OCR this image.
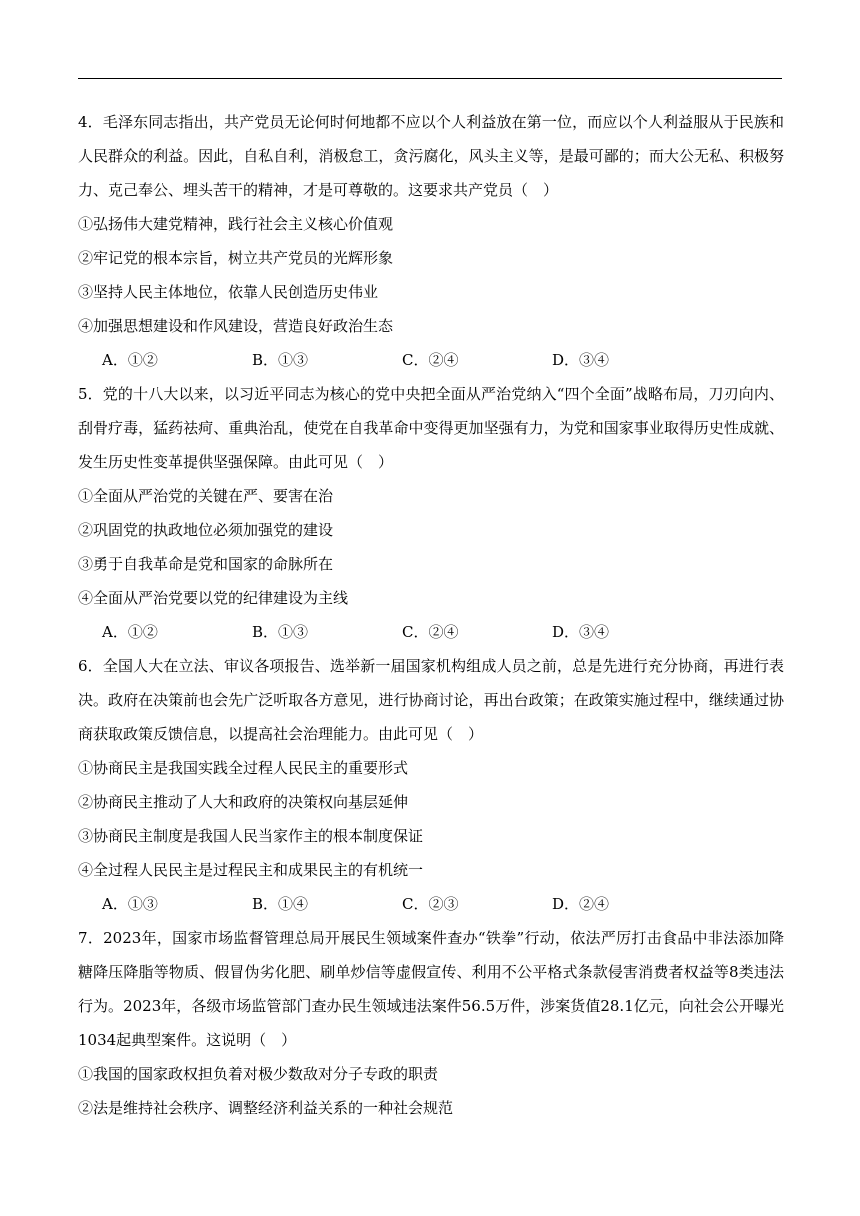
4．毛泽东同志指出，共产党员无论何时何地都不应以个人利益放在第一位，而应以个人利益服从于民族和人民群众的利益。因此，自私自利，消极怠工，贪污腐化，风头主义等，是最可鄙的；而大公无私、积极努力、克己奉公、埋头苦干的精神，才是可尊敬的。这要求共产党员（　）
①弘扬伟大建党精神，践行社会主义核心价值观
②牢记党的根本宗旨，树立共产党员的光辉形象
③坚持人民主体地位，依靠人民创造历史伟业
④加强思想建设和作风建设，营造良好政治生态
A．①②	B．①③	C．②④	D．③④
5．党的十八大以来，以习近平同志为核心的党中央把全面从严治党纳入“四个全面”战略布局，刀刃向内、刮骨疗毒，猛药祛疴、重典治乱，使党在自我革命中变得更加坚强有力，为党和国家事业取得历史性成就、发生历史性变革提供坚强保障。由此可见（　）
①全面从严治党的关键在严、要害在治
②巩固党的执政地位必须加强党的建设
③勇于自我革命是党和国家的命脉所在
④全面从严治党要以党的纪律建设为主线
A．①②	B．①③	C．②④	D．③④
6．全国人大在立法、审议各项报告、选举新一届国家机构组成人员之前，总是先进行充分协商，再进行表决。政府在决策前也会先广泛听取各方意见，进行协商讨论，再出台政策；在政策实施过程中，继续通过协商获取政策反馈信息，以提高社会治理能力。由此可见（　）
①协商民主是我国实践全过程人民民主的重要形式
②协商民主推动了人大和政府的决策权向基层延伸
③协商民主制度是我国人民当家作主的根本制度保证
④全过程人民民主是过程民主和成果民主的有机统一
A．①③	B．①④	C．②③	D．②④
7．2023年，国家市场监督管理总局开展民生领域案件查办“铁拳”行动，依法严厉打击食品中非法添加降糖降压降脂等物质、假冒伪劣化肥、刷单炒信等虚假宣传、利用不公平格式条款侵害消费者权益等8类违法行为。2023年，各级市场监管部门查办民生领域违法案件56.5万件，涉案货值28.1亿元，向社会公开曝光1034起典型案件。这说明（　）
①我国的国家政权担负着对极少数敌对分子专政的职责
②法是维持社会秩序、调整经济利益关系的一种社会规范
